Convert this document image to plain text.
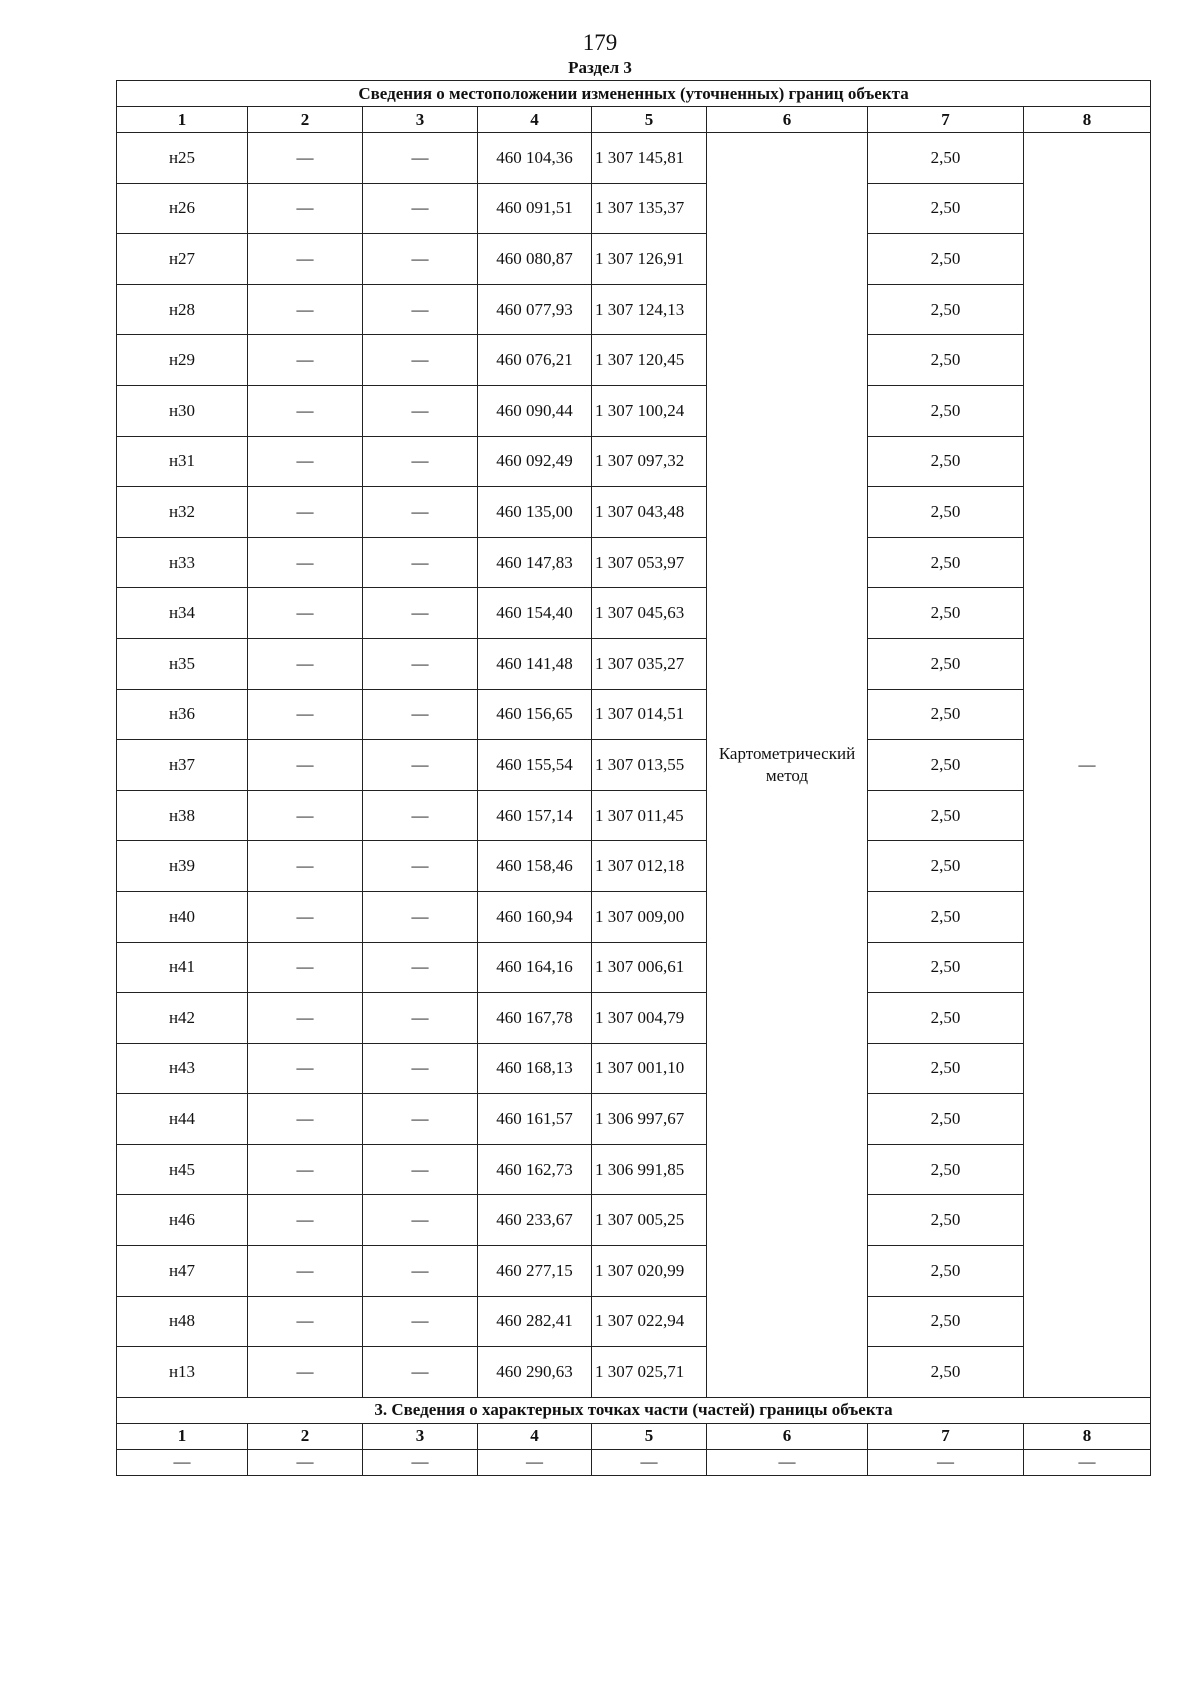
179
Раздел 3
Сведения о местоположении измененных (уточненных) границ объекта							
1	2	3	4	5	6	7	8
н25	—	—	460 104,36	1 307 145,81	Картометрический метод	2,50	—
н26	—	—	460 091,51	1 307 135,37		2,50	
н27	—	—	460 080,87	1 307 126,91		2,50	
н28	—	—	460 077,93	1 307 124,13		2,50	
н29	—	—	460 076,21	1 307 120,45		2,50	
н30	—	—	460 090,44	1 307 100,24		2,50	
н31	—	—	460 092,49	1 307 097,32		2,50	
н32	—	—	460 135,00	1 307 043,48		2,50	
н33	—	—	460 147,83	1 307 053,97		2,50	
н34	—	—	460 154,40	1 307 045,63		2,50	
н35	—	—	460 141,48	1 307 035,27		2,50	
н36	—	—	460 156,65	1 307 014,51		2,50	
н37	—	—	460 155,54	1 307 013,55		2,50	
н38	—	—	460 157,14	1 307 011,45		2,50	
н39	—	—	460 158,46	1 307 012,18		2,50	
н40	—	—	460 160,94	1 307 009,00		2,50	
н41	—	—	460 164,16	1 307 006,61		2,50	
н42	—	—	460 167,78	1 307 004,79		2,50	
н43	—	—	460 168,13	1 307 001,10		2,50	
н44	—	—	460 161,57	1 306 997,67		2,50	
н45	—	—	460 162,73	1 306 991,85		2,50	
н46	—	—	460 233,67	1 307 005,25		2,50	
н47	—	—	460 277,15	1 307 020,99		2,50	
н48	—	—	460 282,41	1 307 022,94		2,50	
н13	—	—	460 290,63	1 307 025,71		2,50	
3. Сведения о характерных точках части (частей) границы объекта							
1	2	3	4	5	6	7	8
—	—	—	—	—	—	—	—
